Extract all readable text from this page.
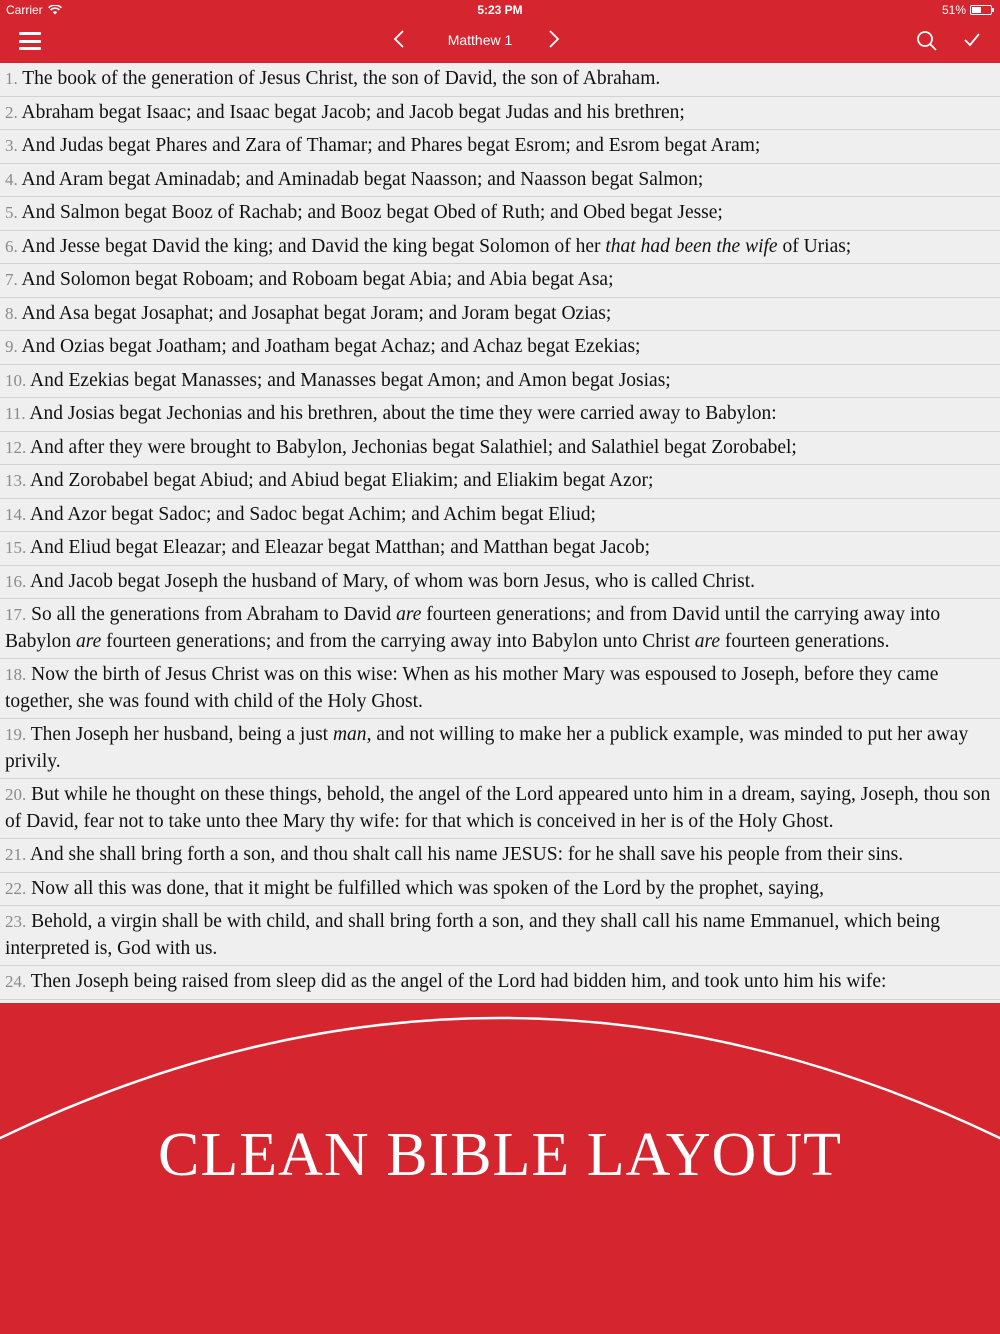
Carrier	5:23 PM	51%
Matthew 1
1. The book of the generation of Jesus Christ, the son of David, the son of Abraham.
2. Abraham begat Isaac; and Isaac begat Jacob; and Jacob begat Judas and his brethren;
3. And Judas begat Phares and Zara of Thamar; and Phares begat Esrom; and Esrom begat Aram;
4. And Aram begat Aminadab; and Aminadab begat Naasson; and Naasson begat Salmon;
5. And Salmon begat Booz of Rachab; and Booz begat Obed of Ruth; and Obed begat Jesse;
6. And Jesse begat David the king; and David the king begat Solomon of her that had been the wife of Urias;
7. And Solomon begat Roboam; and Roboam begat Abia; and Abia begat Asa;
8. And Asa begat Josaphat; and Josaphat begat Joram; and Joram begat Ozias;
9. And Ozias begat Joatham; and Joatham begat Achaz; and Achaz begat Ezekias;
10. And Ezekias begat Manasses; and Manasses begat Amon; and Amon begat Josias;
11. And Josias begat Jechonias and his brethren, about the time they were carried away to Babylon:
12. And after they were brought to Babylon, Jechonias begat Salathiel; and Salathiel begat Zorobabel;
13. And Zorobabel begat Abiud; and Abiud begat Eliakim; and Eliakim begat Azor;
14. And Azor begat Sadoc; and Sadoc begat Achim; and Achim begat Eliud;
15. And Eliud begat Eleazar; and Eleazar begat Matthan; and Matthan begat Jacob;
16. And Jacob begat Joseph the husband of Mary, of whom was born Jesus, who is called Christ.
17. So all the generations from Abraham to David are fourteen generations; and from David until the carrying away into Babylon are fourteen generations; and from the carrying away into Babylon unto Christ are fourteen generations.
18. Now the birth of Jesus Christ was on this wise: When as his mother Mary was espoused to Joseph, before they came together, she was found with child of the Holy Ghost.
19. Then Joseph her husband, being a just man, and not willing to make her a publick example, was minded to put her away privily.
20. But while he thought on these things, behold, the angel of the Lord appeared unto him in a dream, saying, Joseph, thou son of David, fear not to take unto thee Mary thy wife: for that which is conceived in her is of the Holy Ghost.
21. And she shall bring forth a son, and thou shalt call his name JESUS: for he shall save his people from their sins.
22. Now all this was done, that it might be fulfilled which was spoken of the Lord by the prophet, saying,
23. Behold, a virgin shall be with child, and shall bring forth a son, and they shall call his name Emmanuel, which being interpreted is, God with us.
24. Then Joseph being raised from sleep did as the angel of the Lord had bidden him, and took unto him his wife:
CLEAN BIBLE LAYOUT
